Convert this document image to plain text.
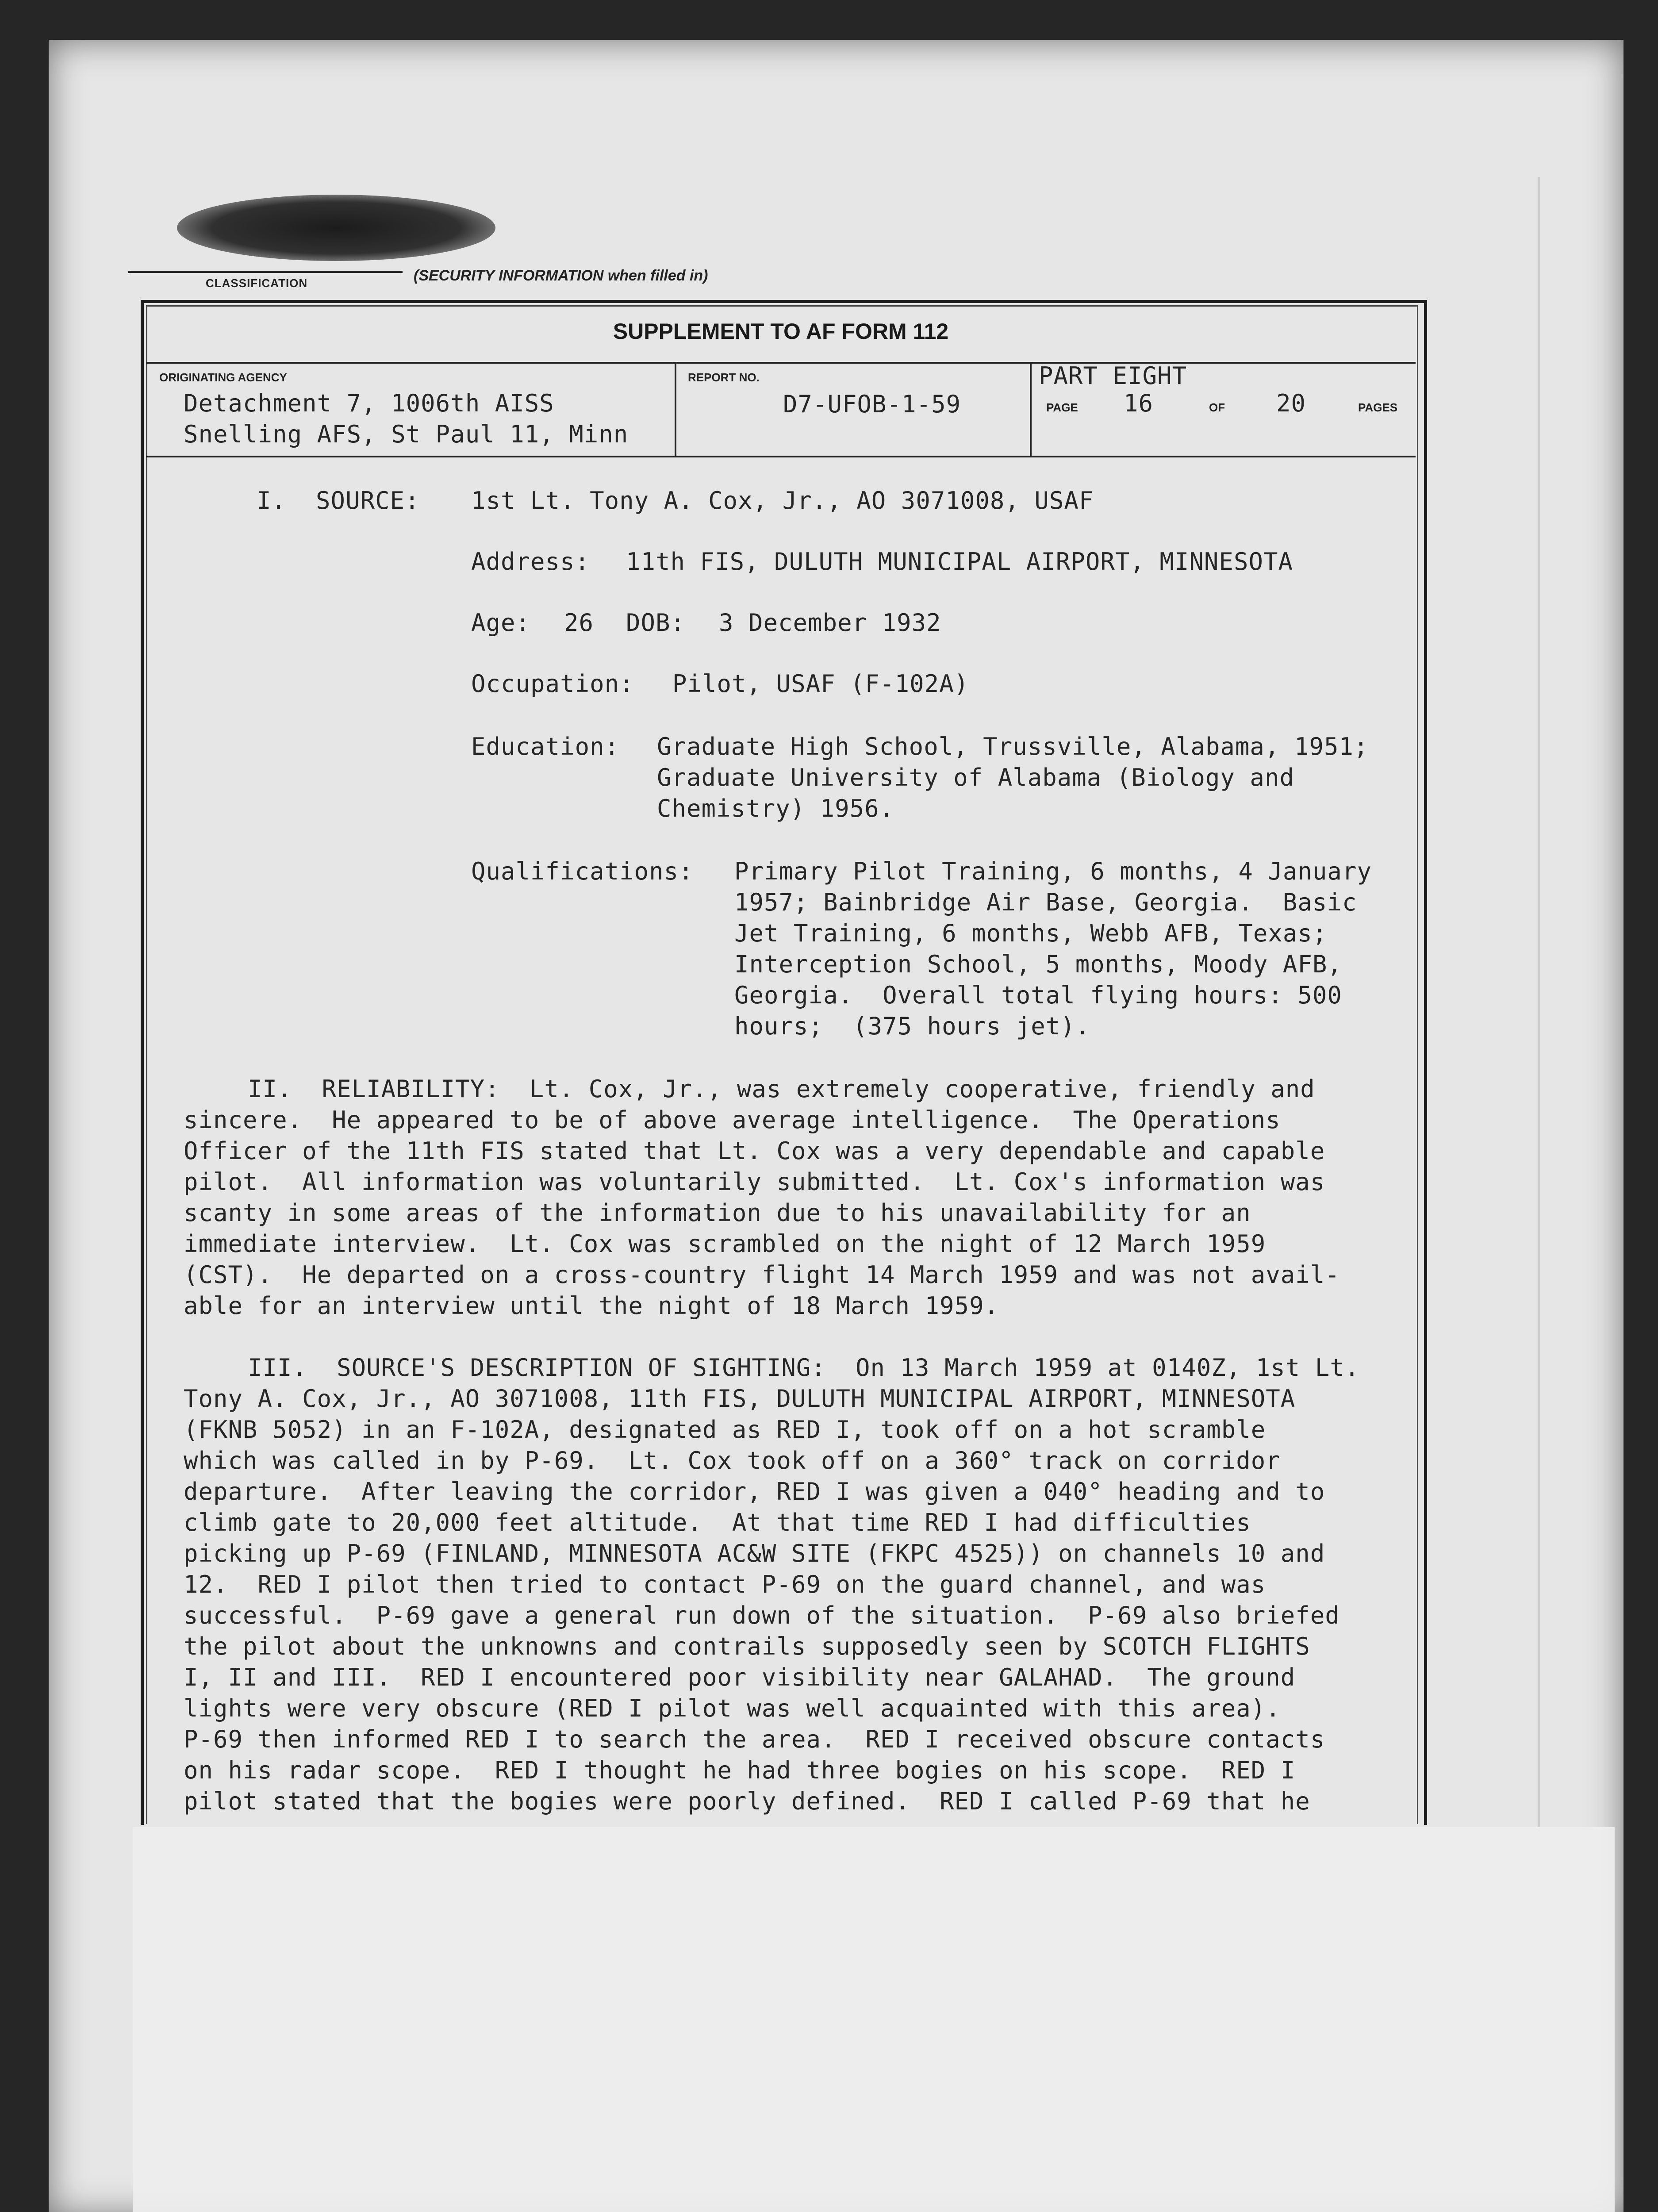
CLASSIFICATION	(SECURITY INFORMATION when filled in)
SUPPLEMENT TO AF FORM 112
ORIGINATING AGENCY
Detachment 7, 1006th AISS
Snelling AFS, St Paul 11, Minn
REPORT NO.
D7-UFOB-1-59
PART EIGHT
PAGE 16	OF 20	PAGES
I.  SOURCE: 1st Lt. Tony A. Cox, Jr., AO 3071008, USAF
Address: 11th FIS, DULUTH MUNICIPAL AIRPORT, MINNESOTA
Age: 26 DOB: 3 December 1932
Occupation: Pilot, USAF (F-102A)
Education: Graduate High School, Trussville, Alabama, 1951;
Graduate University of Alabama (Biology and
Chemistry) 1956.
Qualifications: Primary Pilot Training, 6 months, 4 January
1957; Bainbridge Air Base, Georgia.  Basic
Jet Training, 6 months, Webb AFB, Texas;
Interception School, 5 months, Moody AFB,
Georgia.  Overall total flying hours: 500
hours;  (375 hours jet).
II.  RELIABILITY:  Lt. Cox, Jr., was extremely cooperative, friendly and
sincere.  He appeared to be of above average intelligence.  The Operations
Officer of the 11th FIS stated that Lt. Cox was a very dependable and capable
pilot.  All information was voluntarily submitted.  Lt. Cox's information was
scanty in some areas of the information due to his unavailability for an
immediate interview.  Lt. Cox was scrambled on the night of 12 March 1959
(CST).  He departed on a cross-country flight 14 March 1959 and was not avail-
able for an interview until the night of 18 March 1959.
III.  SOURCE'S DESCRIPTION OF SIGHTING:  On 13 March 1959 at 0140Z, 1st Lt.
Tony A. Cox, Jr., AO 3071008, 11th FIS, DULUTH MUNICIPAL AIRPORT, MINNESOTA
(FKNB 5052) in an F-102A, designated as RED I, took off on a hot scramble
which was called in by P-69.  Lt. Cox took off on a 360° track on corridor
departure.  After leaving the corridor, RED I was given a 040° heading and to
climb gate to 20,000 feet altitude.  At that time RED I had difficulties
picking up P-69 (FINLAND, MINNESOTA AC&W SITE (FKPC 4525)) on channels 10 and
12.  RED I pilot then tried to contact P-69 on the guard channel, and was
successful.  P-69 gave a general run down of the situation.  P-69 also briefed
the pilot about the unknowns and contrails supposedly seen by SCOTCH FLIGHTS
I, II and III.  RED I encountered poor visibility near GALAHAD.  The ground
lights were very obscure (RED I pilot was well acquainted with this area).
P-69 then informed RED I to search the area.  RED I received obscure contacts
on his radar scope.  RED I thought he had three bogies on his scope.  RED I
pilot stated that the bogies were poorly defined.  RED I called P-69 that he
